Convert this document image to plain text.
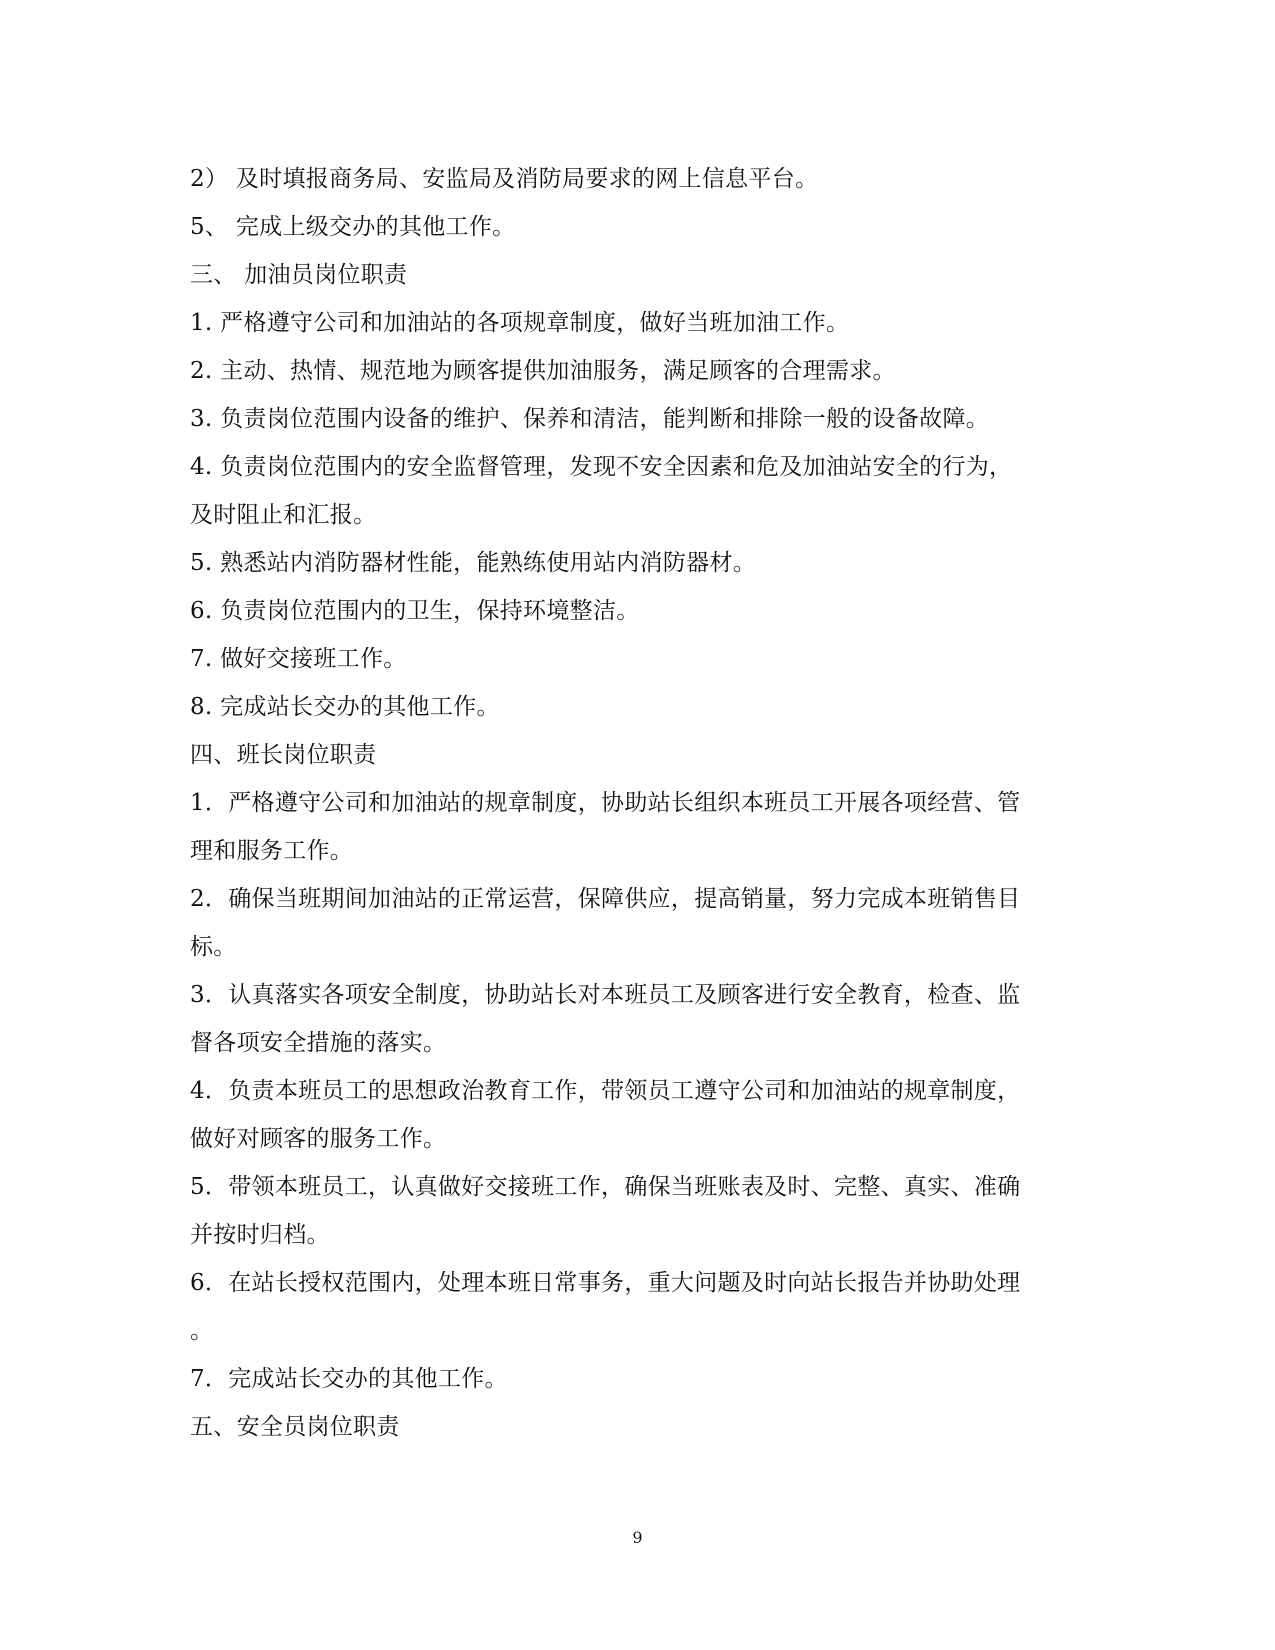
2） 及时填报商务局、安监局及消防局要求的网上信息平台。
5、 完成上级交办的其他工作。
三、 加油员岗位职责
1. 严格遵守公司和加油站的各项规章制度，做好当班加油工作。
2. 主动、热情、规范地为顾客提供加油服务，满足顾客的合理需求。
3. 负责岗位范围内设备的维护、保养和清洁，能判断和排除一般的设备故障。
4. 负责岗位范围内的安全监督管理，发现不安全因素和危及加油站安全的行为，
及时阻止和汇报。
5. 熟悉站内消防器材性能，能熟练使用站内消防器材。
6. 负责岗位范围内的卫生，保持环境整洁。
7. 做好交接班工作。
8. 完成站长交办的其他工作。
四、班长岗位职责
1．严格遵守公司和加油站的规章制度，协助站长组织本班员工开展各项经营、管
理和服务工作。
2．确保当班期间加油站的正常运营，保障供应，提高销量，努力完成本班销售目
标。
3．认真落实各项安全制度，协助站长对本班员工及顾客进行安全教育，检查、监
督各项安全措施的落实。
4．负责本班员工的思想政治教育工作，带领员工遵守公司和加油站的规章制度，
做好对顾客的服务工作。
5．带领本班员工，认真做好交接班工作，确保当班账表及时、完整、真实、准确
并按时归档。
6．在站长授权范围内，处理本班日常事务，重大问题及时向站长报告并协助处理
。
7．完成站长交办的其他工作。
五、安全员岗位职责
9
